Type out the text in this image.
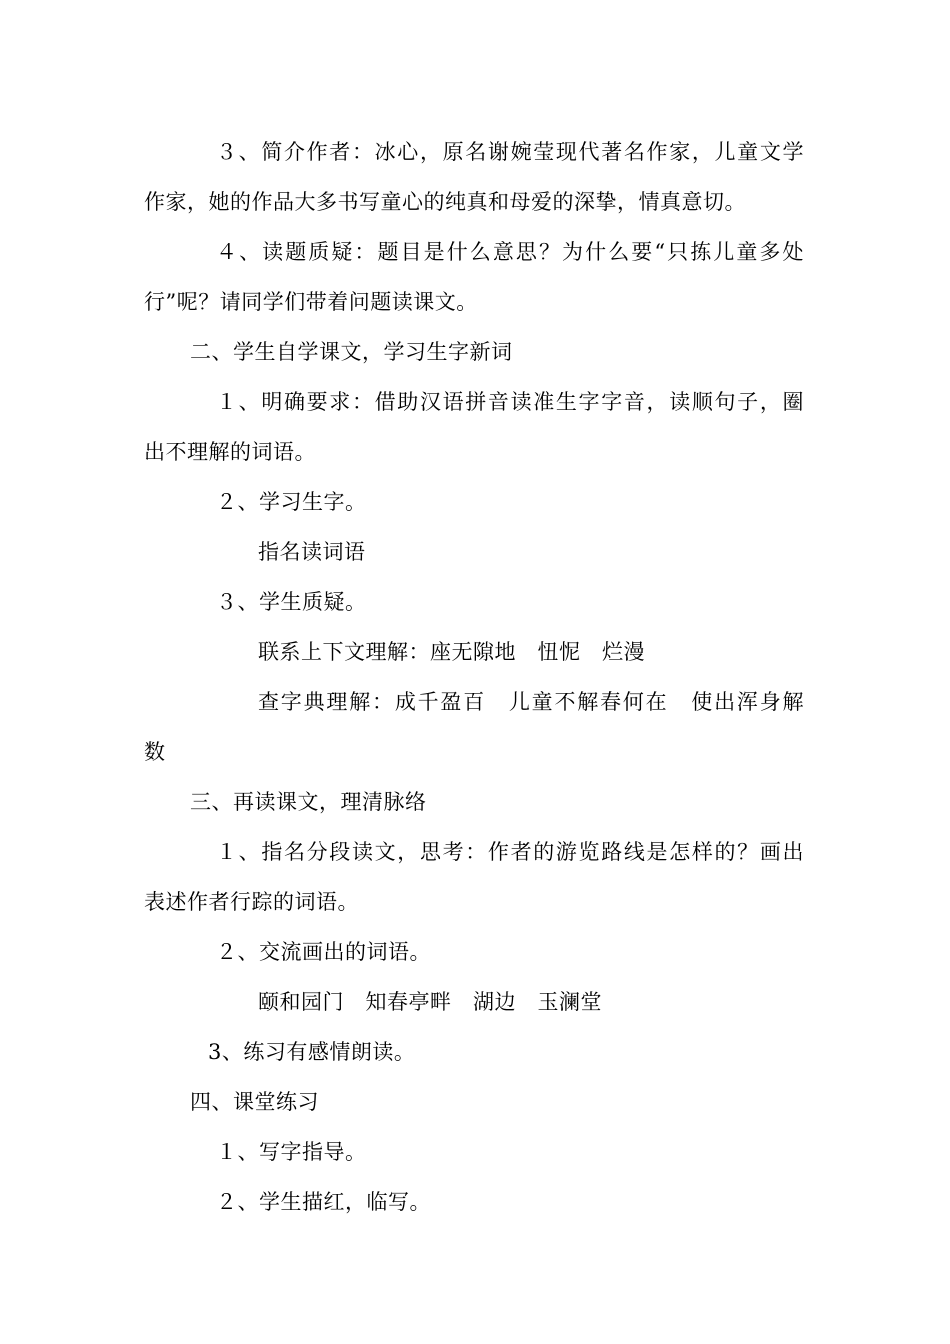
３、简介作者：冰心，原名谢婉莹现代著名作家，儿童文学
作家，她的作品大多书写童心的纯真和母爱的深挚，情真意切。
４、读题质疑：题目是什么意思？为什么要“只拣儿童多处
行”呢？请同学们带着问题读课文。
二、学生自学课文，学习生字新词
１、明确要求：借助汉语拼音读准生字字音，读顺句子，圈
出不理解的词语。
２、学习生字。
指名读词语
３、学生质疑。
联系上下文理解：座无隙地　忸怩　烂漫
查字典理解：成千盈百　儿童不解春何在　使出浑身解
数
三、再读课文，理清脉络
１、指名分段读文，思考：作者的游览路线是怎样的？画出
表述作者行踪的词语。
２、交流画出的词语。
颐和园门　知春亭畔　湖边　玉澜堂
3、练习有感情朗读。
四、课堂练习
１、写字指导。
２、学生描红，临写。
